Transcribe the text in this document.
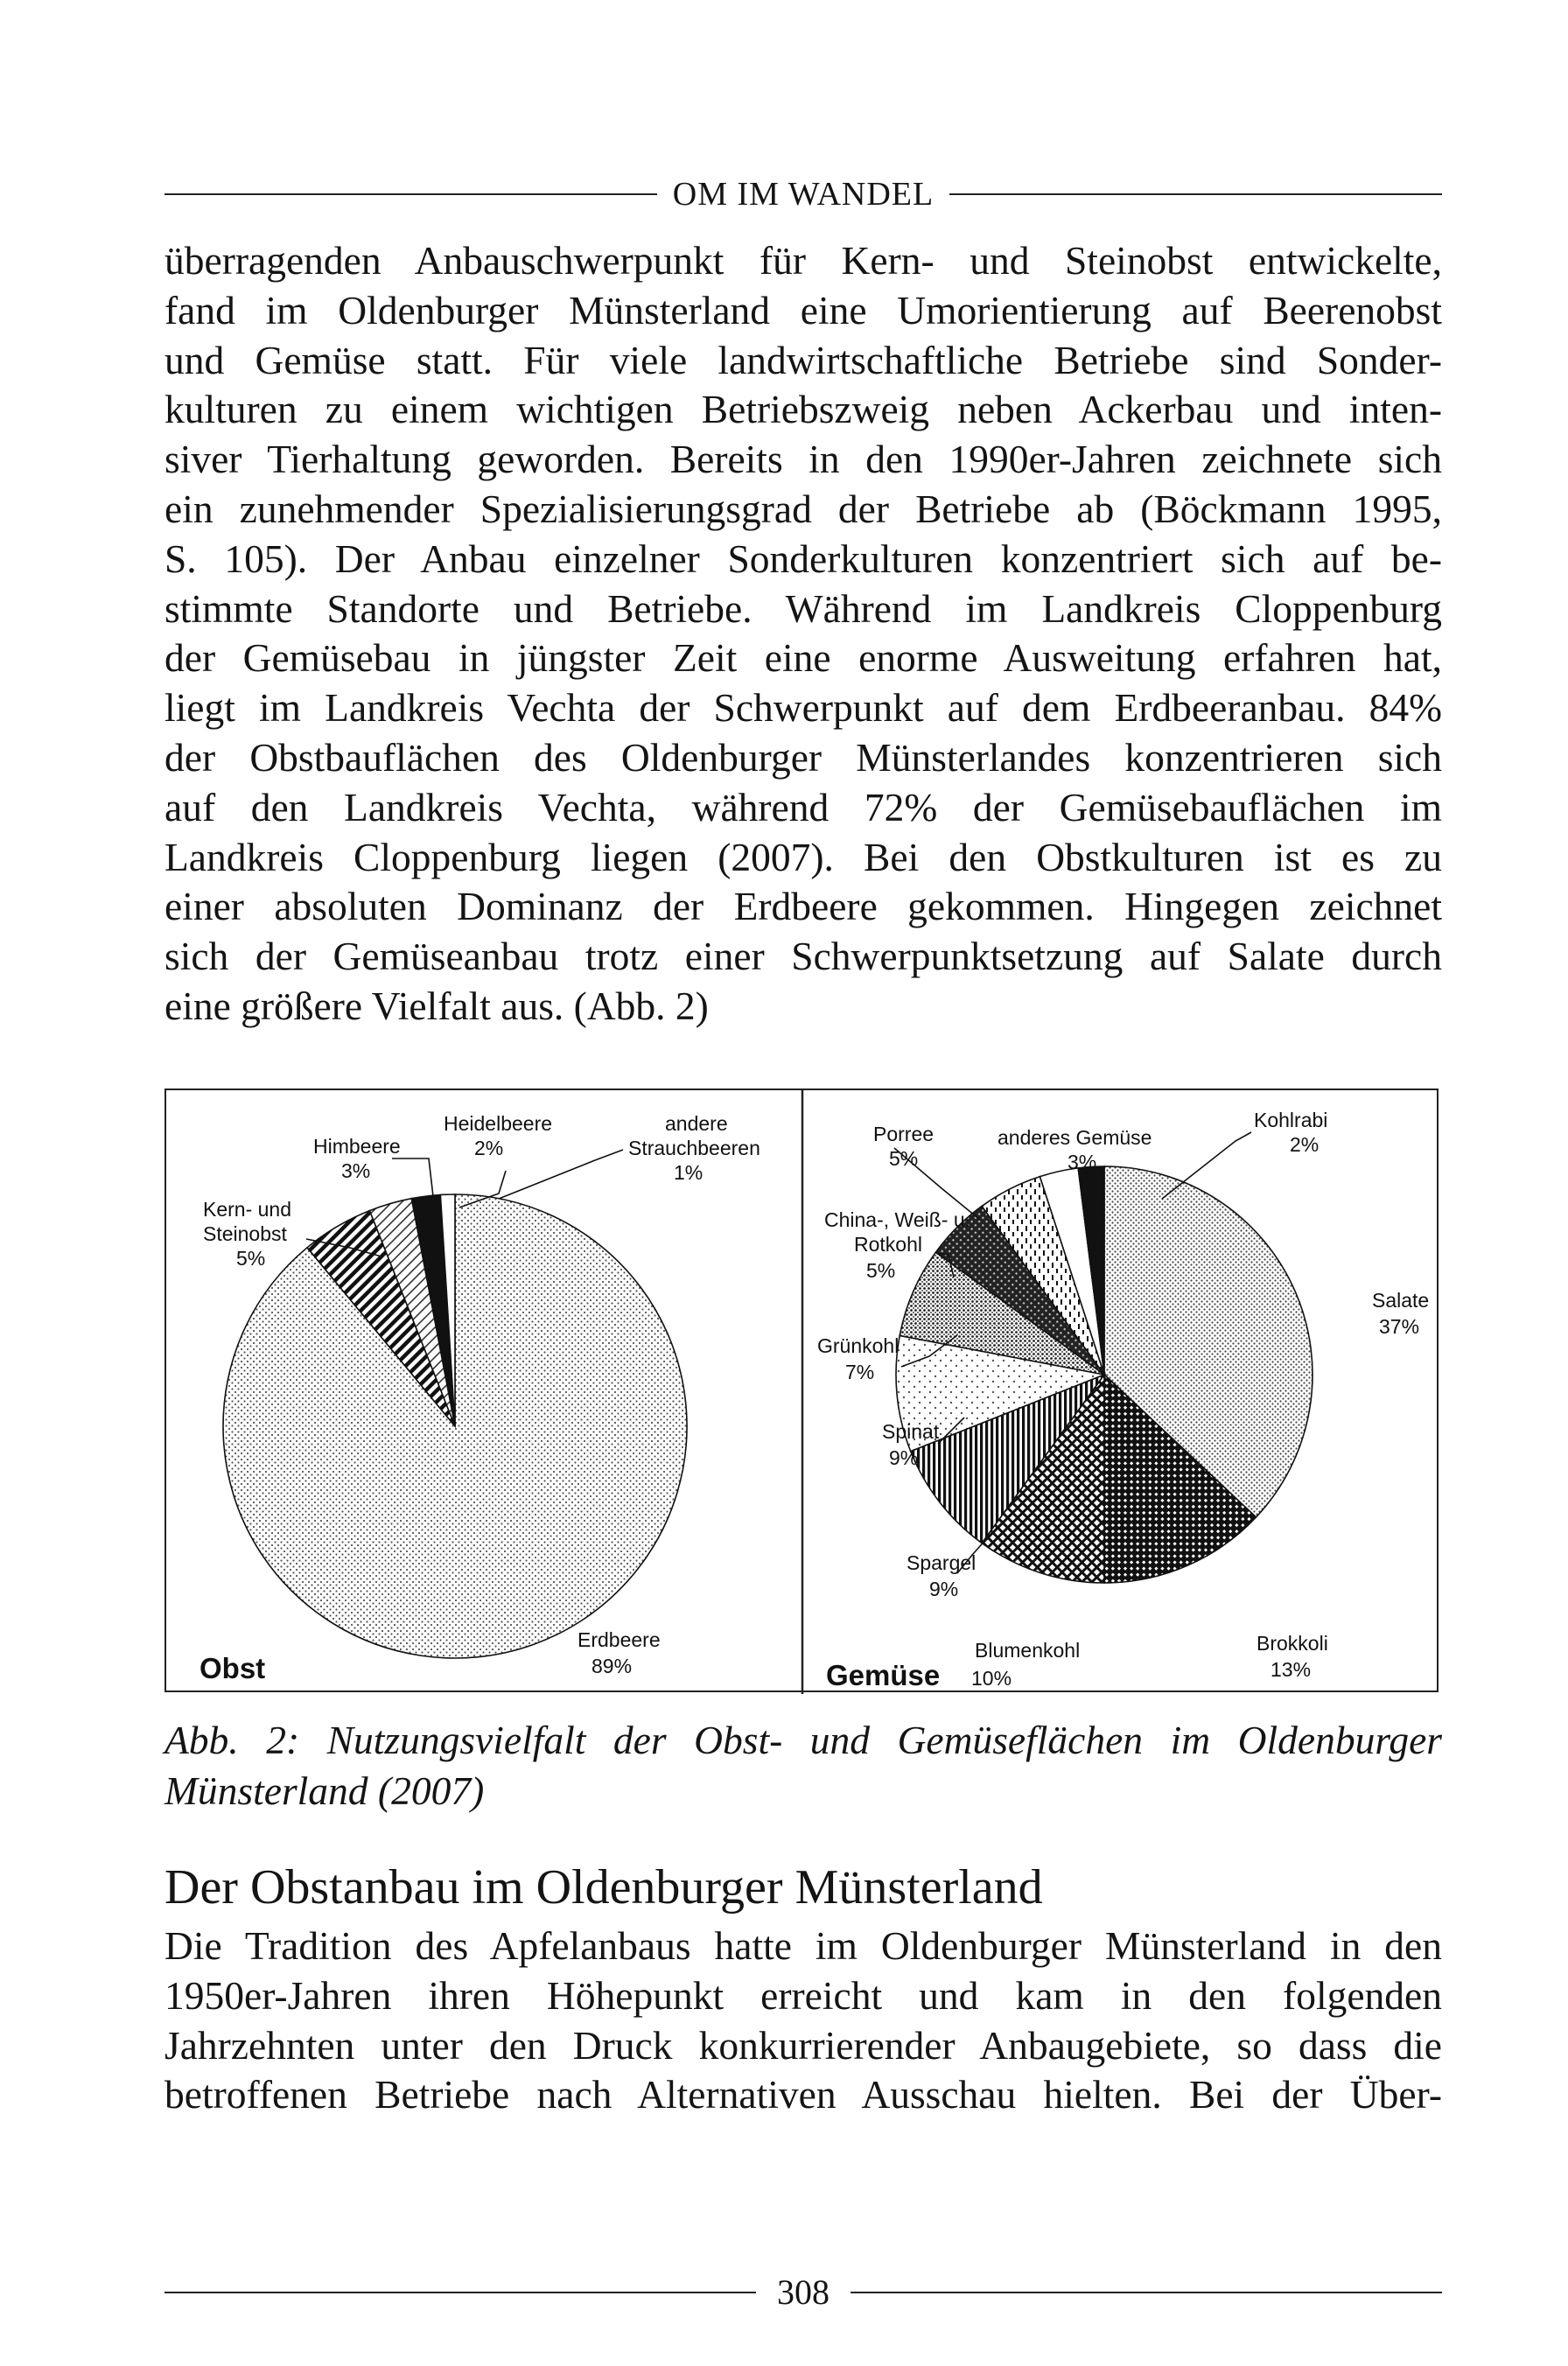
OM IM WANDEL
überragenden Anbauschwerpunkt für Kern- und Steinobst entwickelte,
fand im Oldenburger Münsterland eine Umorientierung auf Beerenobst
und Gemüse statt. Für viele landwirtschaftliche Betriebe sind Sonder-
kulturen zu einem wichtigen Betriebszweig neben Ackerbau und inten-
siver Tierhaltung geworden. Bereits in den 1990er-Jahren zeichnete sich
ein zunehmender Spezialisierungsgrad der Betriebe ab (Böckmann 1995,
S. 105). Der Anbau einzelner Sonderkulturen konzentriert sich auf be-
stimmte Standorte und Betriebe. Während im Landkreis Cloppenburg
der Gemüsebau in jüngster Zeit eine enorme Ausweitung erfahren hat,
liegt im Landkreis Vechta der Schwerpunkt auf dem Erdbeeranbau. 84%
der Obstbauflächen des Oldenburger Münsterlandes konzentrieren sich
auf den Landkreis Vechta, während 72% der Gemüsebauflächen im
Landkreis Cloppenburg liegen (2007). Bei den Obstkulturen ist es zu
einer absoluten Dominanz der Erdbeere gekommen. Hingegen zeichnet
sich der Gemüseanbau trotz einer Schwerpunktsetzung auf Salate durch
eine größere Vielfalt aus. (Abb. 2)
Kern- und
Steinobst
5%
Himbeere
3%
Heidelbeere
2%
andere
Strauchbeeren
1%
Erdbeere
89%
Obst
Porree
5%
anderes Gemüse
3%
Kohlrabi
2%
China-, Weiß- u.
Rotkohl
5%
Grünkohl
7%
Salate
37%
Spinat
9%
Spargel
9%
Blumenkohl
10%
Brokkoli
13%
Gemüse
Abb. 2: Nutzungsvielfalt der Obst- und Gemüseflächen im Oldenburger
Münsterland (2007)
Der Obstanbau im Oldenburger Münsterland
Die Tradition des Apfelanbaus hatte im Oldenburger Münsterland in den
1950er-Jahren ihren Höhepunkt erreicht und kam in den folgenden
Jahrzehnten unter den Druck konkurrierender Anbaugebiete, so dass die
betroffenen Betriebe nach Alternativen Ausschau hielten. Bei der Über-
308
